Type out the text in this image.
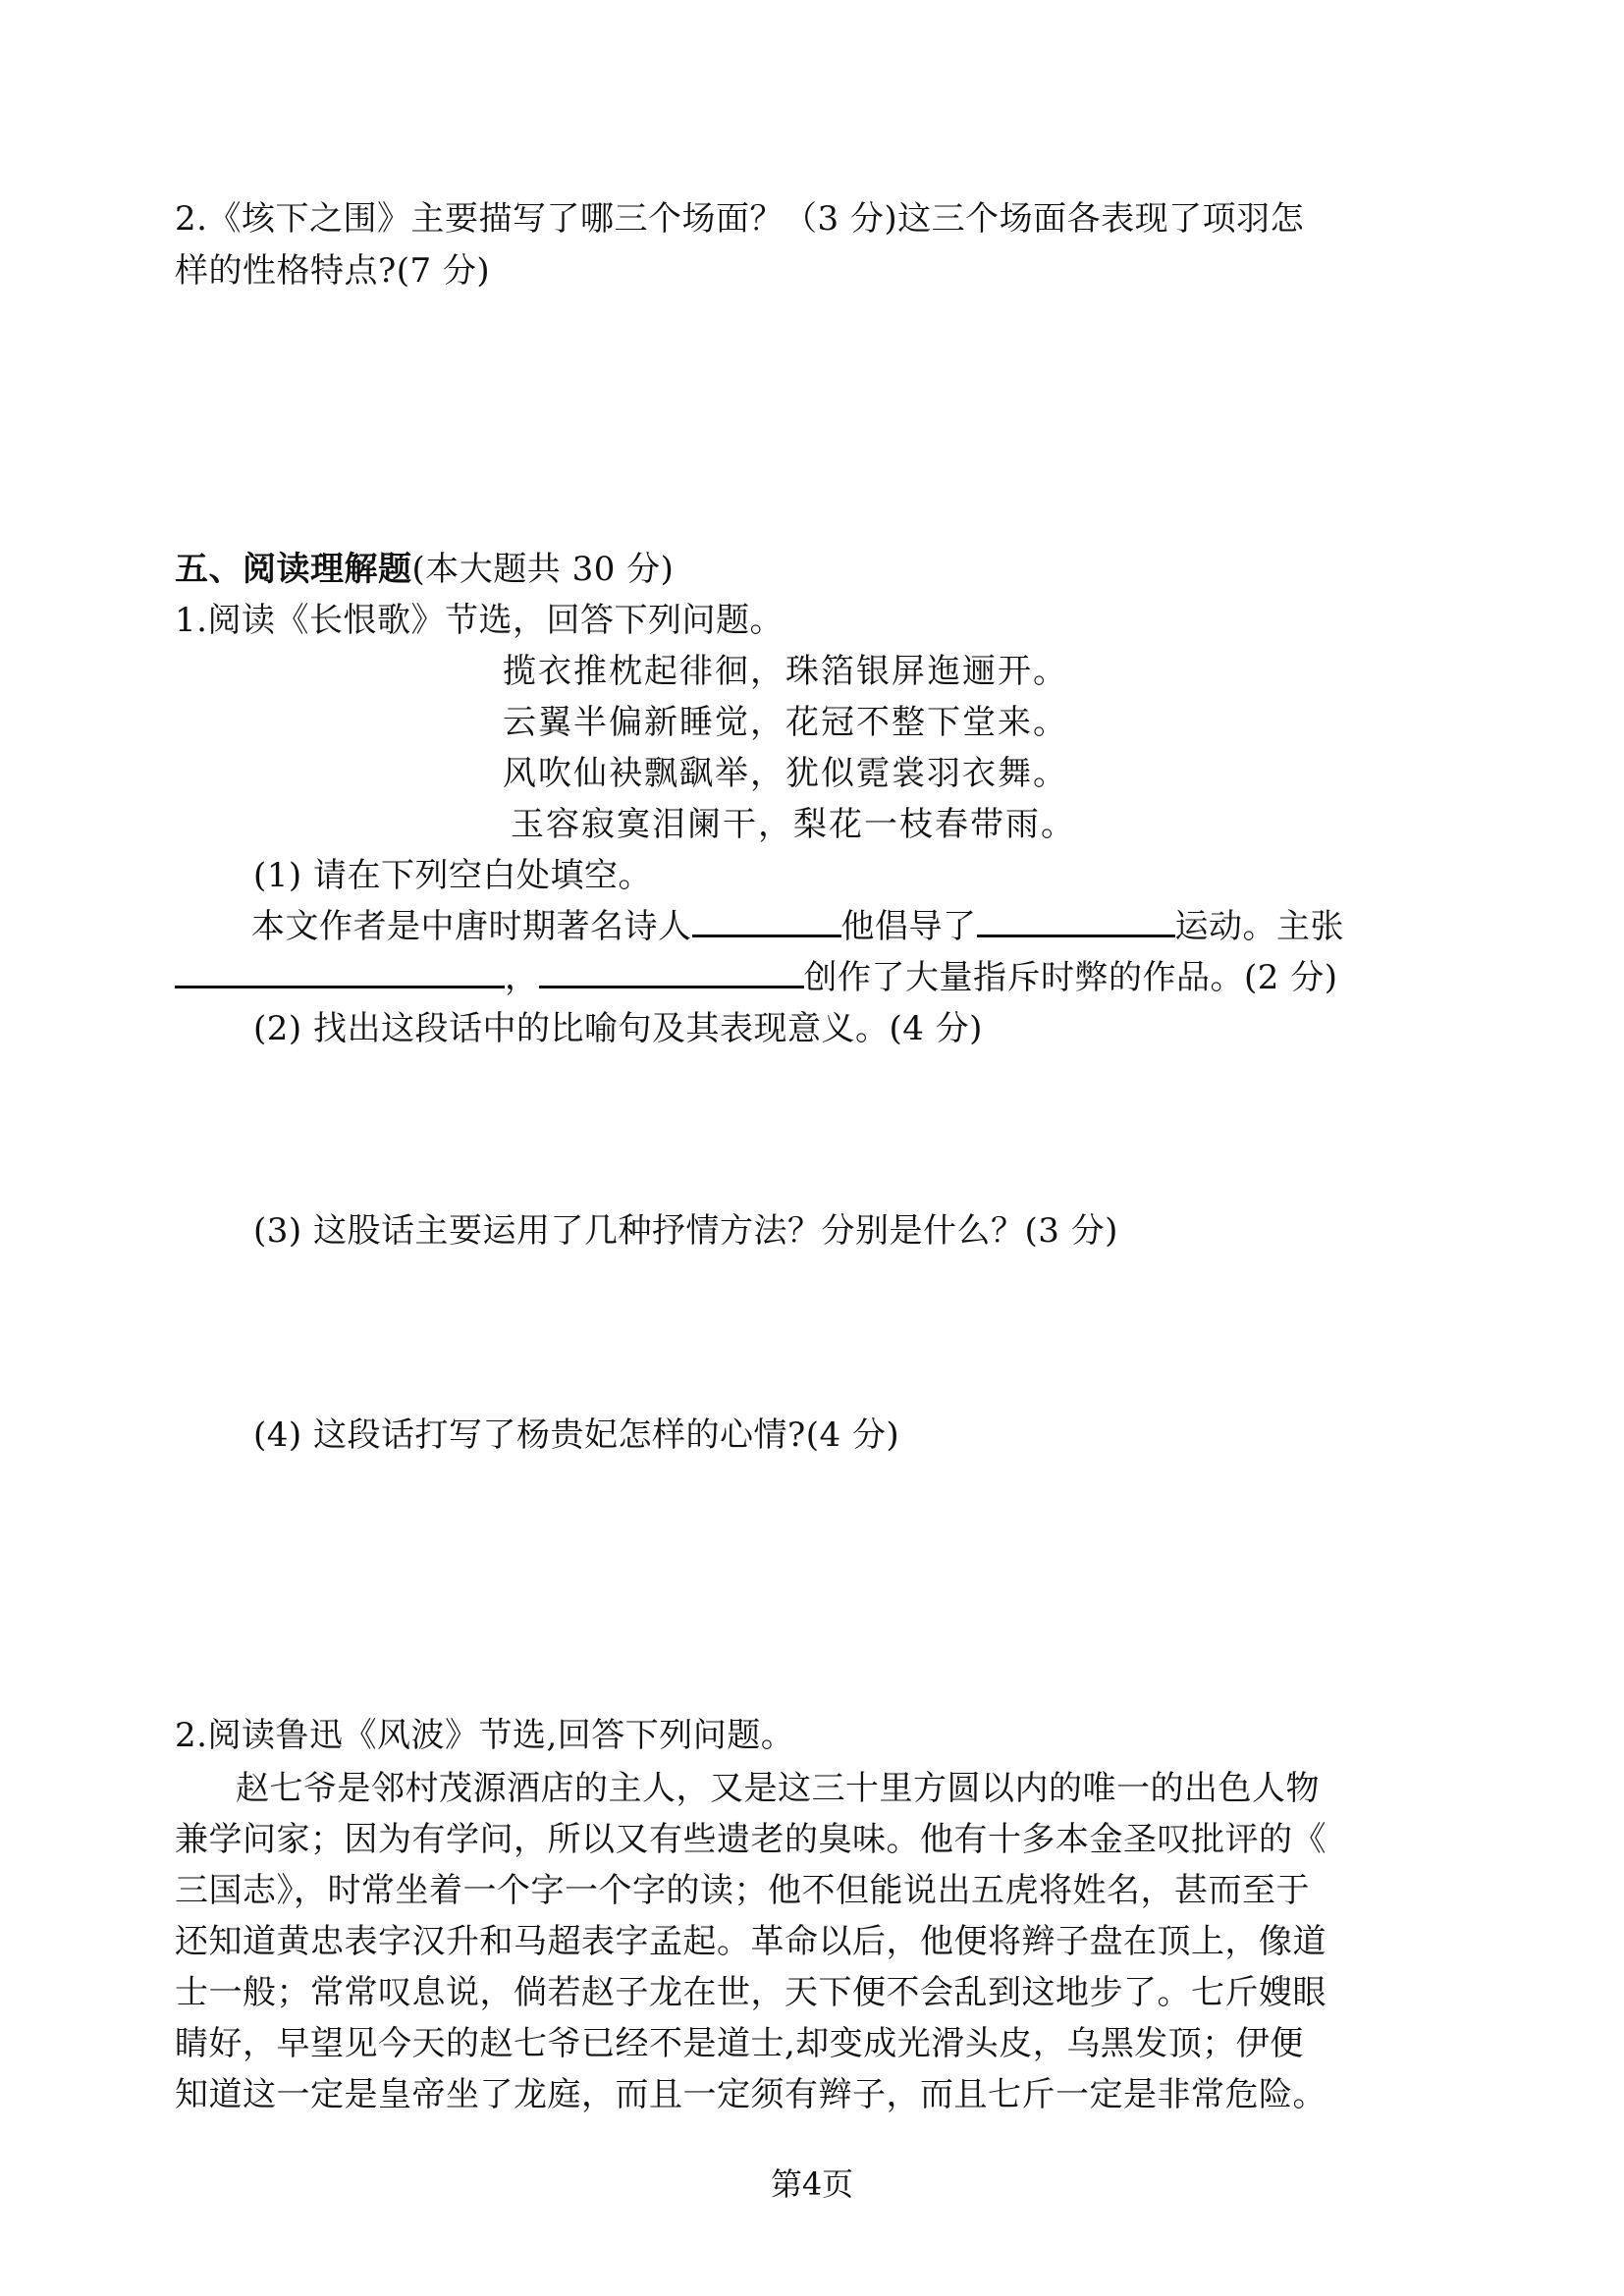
2.《垓下之围》主要描写了哪三个场面？（3 分)这三个场面各表现了项羽怎
样的性格特点?(7 分)
五、阅读理解题(本大题共 30 分)
1.阅读《长恨歌》节选，回答下列问题。
揽衣推枕起徘徊，珠箔银屏迤逦开。
云翼半偏新睡觉，花冠不整下堂来。
风吹仙袂飘飖举，犹似霓裳羽衣舞。
玉容寂寞泪阑干，梨花一枝春带雨。
(1) 请在下列空白处填空。
本文作者是中唐时期著名诗人	他倡导了	运动。主张
，	创作了大量指斥时弊的作品。(2 分)
(2) 找出这段话中的比喻句及其表现意义。(4 分)
(3) 这股话主要运用了几种抒情方法？分别是什么？(3 分)
(4) 这段话打写了杨贵妃怎样的心情?(4 分)
2.阅读鲁迅《风波》节选,回答下列问题。
赵七爷是邻村茂源酒店的主人，又是这三十里方圆以内的唯一的出色人物
兼学问家；因为有学问，所以又有些遗老的臭味。他有十多本金圣叹批评的《
三国志》，时常坐着一个字一个字的读；他不但能说出五虎将姓名，甚而至于
还知道黄忠表字汉升和马超表字孟起。革命以后，他便将辫子盘在顶上，像道
士一般；常常叹息说，倘若赵子龙在世，天下便不会乱到这地步了。七斤嫂眼
睛好，早望见今天的赵七爷已经不是道士,却变成光滑头皮，乌黑发顶；伊便
知道这一定是皇帝坐了龙庭，而且一定须有辫子，而且七斤一定是非常危险。
第4页
